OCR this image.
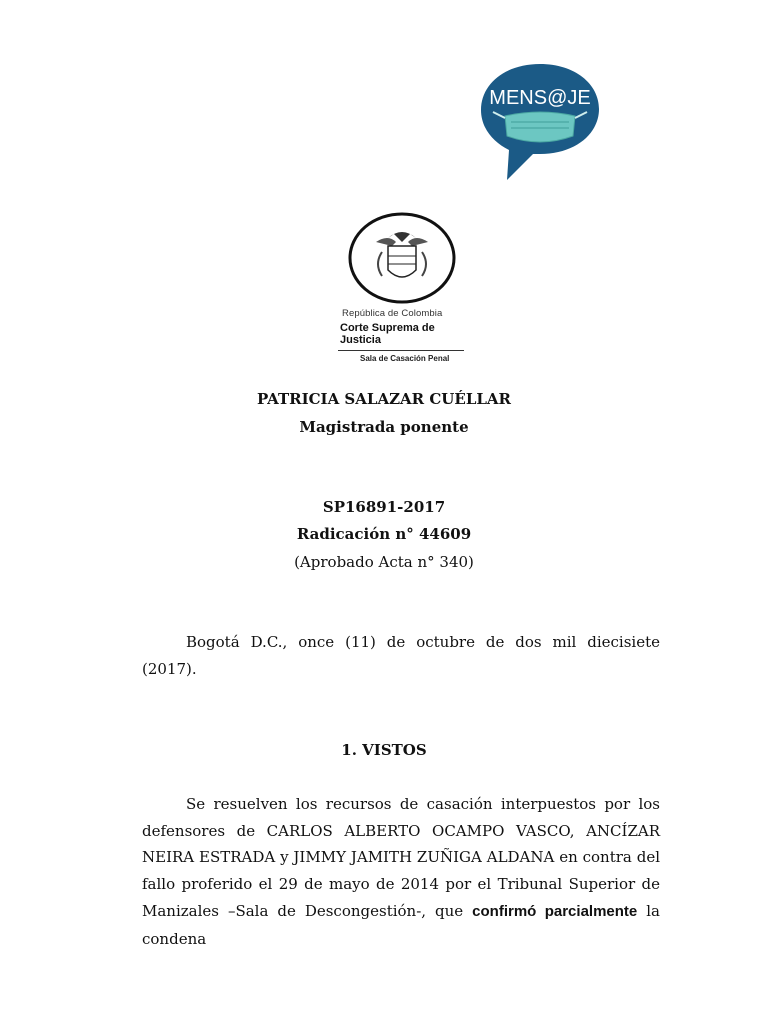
MENS@JE
República de Colombia
Corte Suprema de Justicia
Sala de Casación Penal
PATRICIA SALAZAR CUÉLLAR
Magistrada ponente
SP16891-2017
Radicación n° 44609
(Aprobado Acta n° 340)
Bogotá D.C., once (11) de octubre de dos mil diecisiete (2017).
1. VISTOS
Se resuelven los recursos de casación interpuestos por los defensores de CARLOS ALBERTO OCAMPO VASCO, ANCÍZAR NEIRA ESTRADA y JIMMY JAMITH ZUÑIGA ALDANA en contra del fallo proferido el 29 de mayo de 2014 por el Tribunal Superior de Manizales –Sala de Descongestión-, que confirmó parcialmente la condena
